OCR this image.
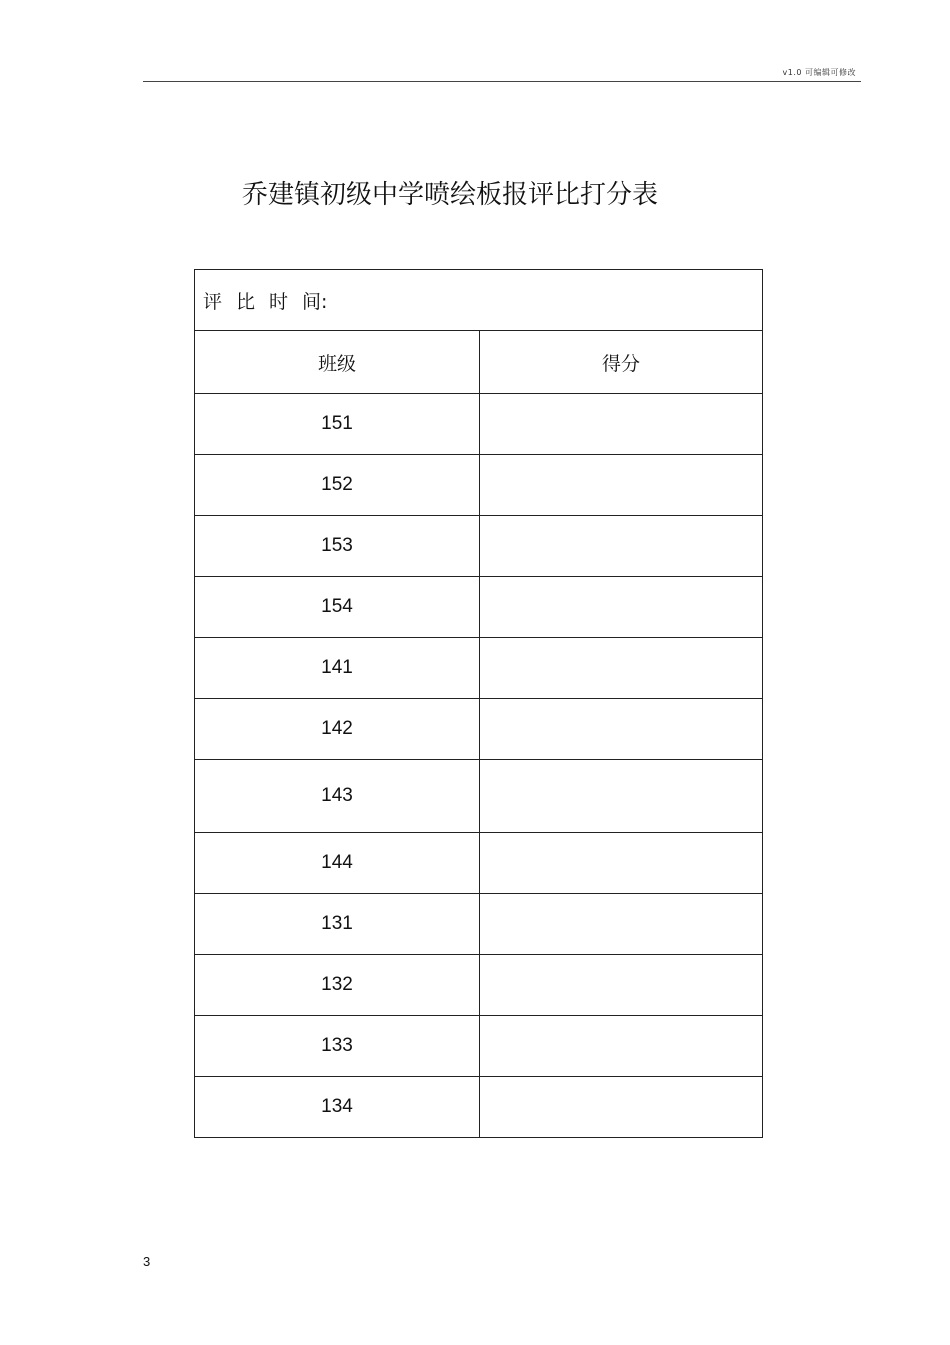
v1.0 可编辑可修改
乔建镇初级中学喷绘板报评比打分表
评 比 时 间:	
班级	得分
151	
152	
153	
154	
141	
142	
143	
144	
131	
132	
133	
134	
3
